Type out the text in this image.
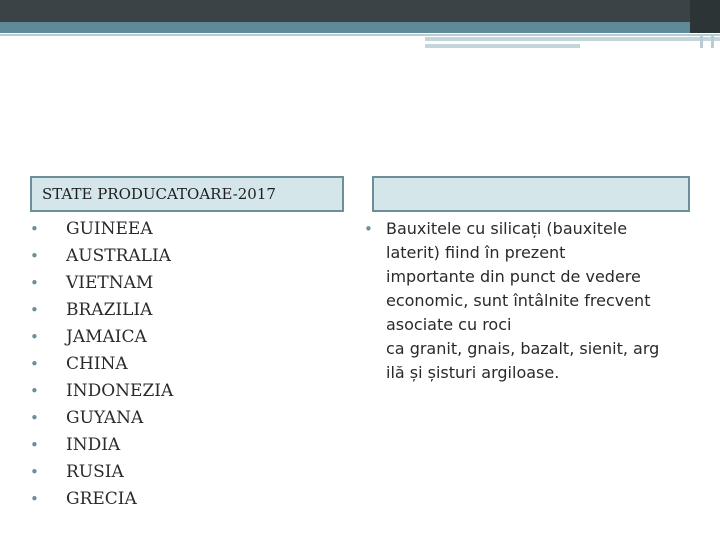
STATE PRODUCATOARE-2017
• GUINEEA
• AUSTRALIA
• VIETNAM
• BRAZILIA
• JAMAICA
• CHINA
• INDONEZIA
• GUYANA
• INDIA
• RUSIA
• GRECIA
• Bauxitele cu silicați (bauxitele
laterit) fiind în prezent
importante din punct de vedere
economic, sunt întâlnite frecvent
asociate cu roci
ca granit, gnais, bazalt, sienit, arg
ilă și șisturi argiloase.
